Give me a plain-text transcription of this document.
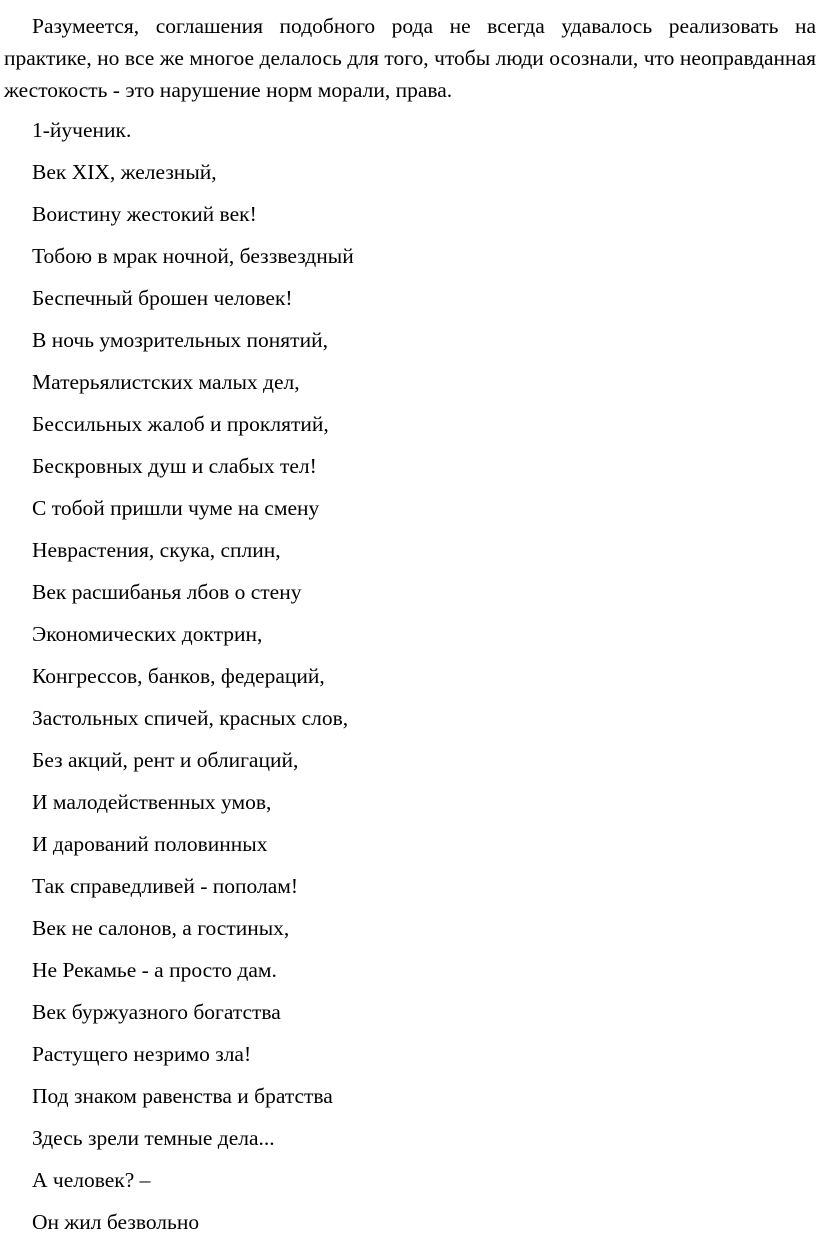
Разумеется, соглашения подобного рода не всегда удавалось реализовать на практике, но все же многое делалось для того, чтобы люди осознали, что неоправданная жестокость - это нарушение норм морали, права.

1-йученик.
Век XIX, железный,
Воистину жестокий век!
Тобою в мрак ночной, беззвездный
Беспечный брошен человек!
В ночь умозрительных понятий,
Матерьялистских малых дел,
Бессильных жалоб и проклятий,
Бескровных душ и слабых тел!
С тобой пришли чуме на смену
Неврастения, скука, сплин,
Век расшибанья лбов о стену
Экономических доктрин,
Конгрессов, банков, федераций,
Застольных спичей, красных слов,
Без акций, рент и облигаций,
И малодейственных умов,
И дарований половинных
Так справедливей - пополам!
Век не салонов, а гостиных,
Не Рекамье - а просто дам.
Век буржуазного богатства
Растущего незримо зла!
Под знаком равенства и братства
Здесь зрели темные дела...
А человек? –
Он жил безвольно
